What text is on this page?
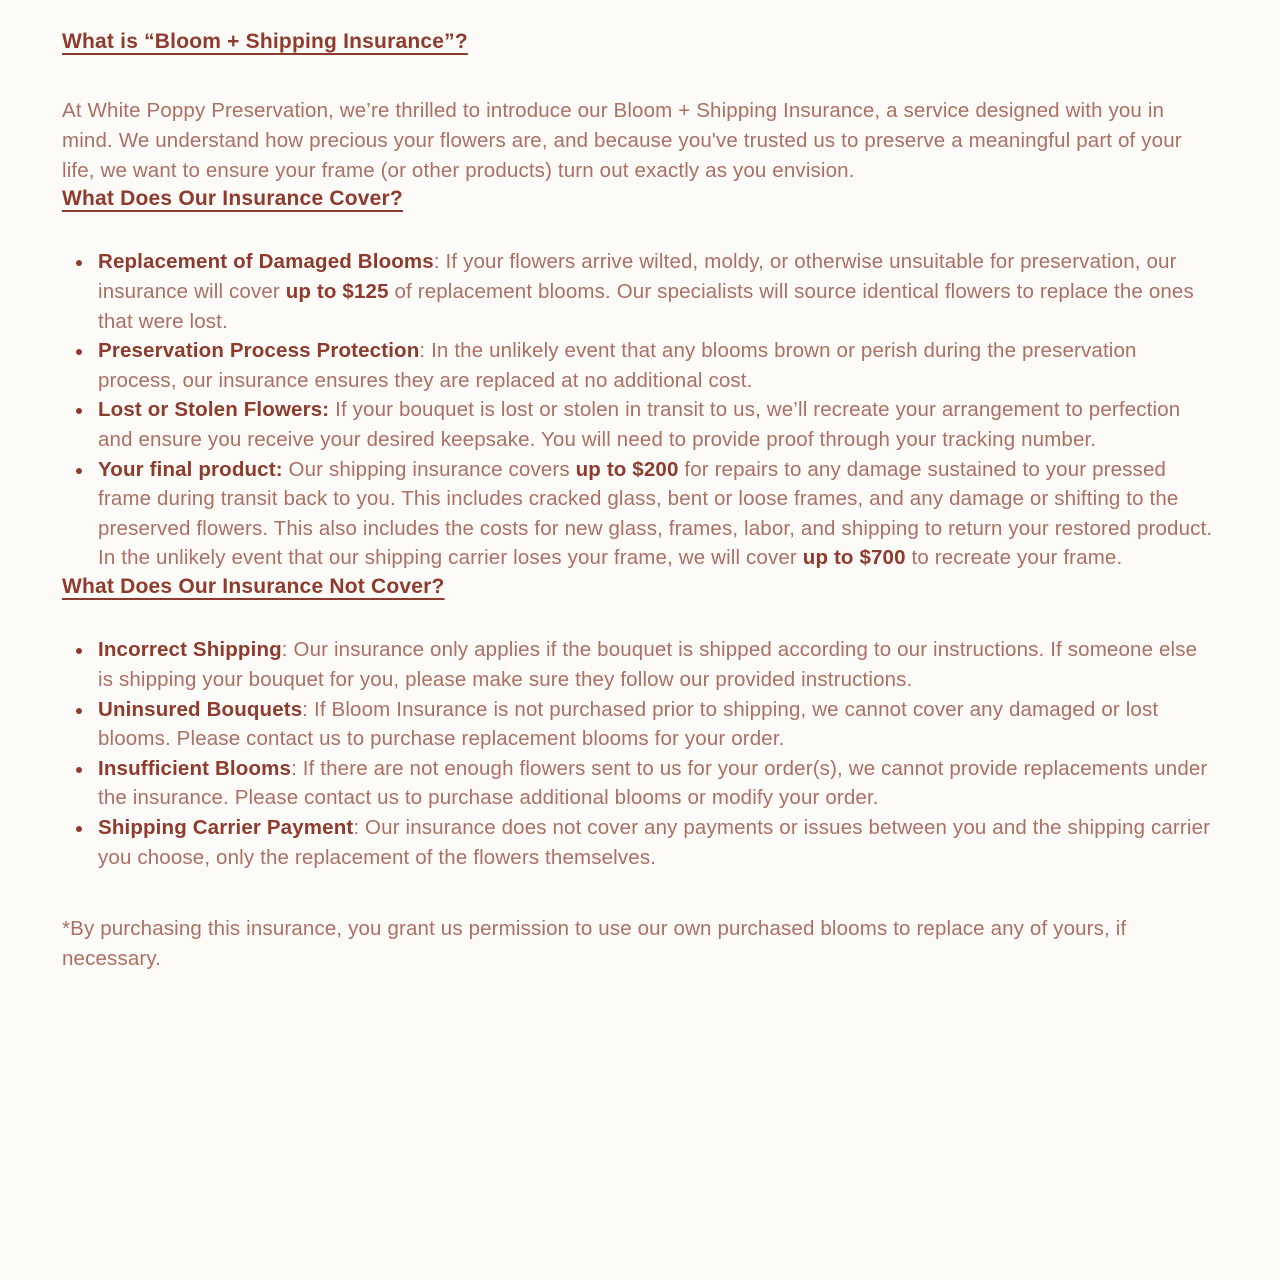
What is “Bloom + Shipping Insurance”?

At White Poppy Preservation, we’re thrilled to introduce our Bloom + Shipping Insurance, a service designed with you in mind. We understand how precious your flowers are, and because you've trusted us to preserve a meaningful part of your life, we want to ensure your frame (or other products) turn out exactly as you envision.

What Does Our Insurance Cover?
Replacement of Damaged Blooms: If your flowers arrive wilted, moldy, or otherwise unsuitable for preservation, our insurance will cover up to $125 of replacement blooms. Our specialists will source identical flowers to replace the ones that were lost.
Preservation Process Protection: In the unlikely event that any blooms brown or perish during the preservation process, our insurance ensures they are replaced at no additional cost.
Lost or Stolen Flowers: If your bouquet is lost or stolen in transit to us, we’ll recreate your arrangement to perfection and ensure you receive your desired keepsake. You will need to provide proof through your tracking number.
Your final product: Our shipping insurance covers up to $200 for repairs to any damage sustained to your pressed frame during transit back to you. This includes cracked glass, bent or loose frames, and any damage or shifting to the preserved flowers. This also includes the costs for new glass, frames, labor, and shipping to return your restored product. In the unlikely event that our shipping carrier loses your frame, we will cover up to $700 to recreate your frame.
What Does Our Insurance Not Cover?
Incorrect Shipping: Our insurance only applies if the bouquet is shipped according to our instructions. If someone else is shipping your bouquet for you, please make sure they follow our provided instructions.
Uninsured Bouquets: If Bloom Insurance is not purchased prior to shipping, we cannot cover any damaged or lost blooms. Please contact us to purchase replacement blooms for your order.
Insufficient Blooms: If there are not enough flowers sent to us for your order(s), we cannot provide replacements under the insurance. Please contact us to purchase additional blooms or modify your order.
Shipping Carrier Payment: Our insurance does not cover any payments or issues between you and the shipping carrier you choose, only the replacement of the flowers themselves.

*By purchasing this insurance, you grant us permission to use our own purchased blooms to replace any of yours, if necessary.
